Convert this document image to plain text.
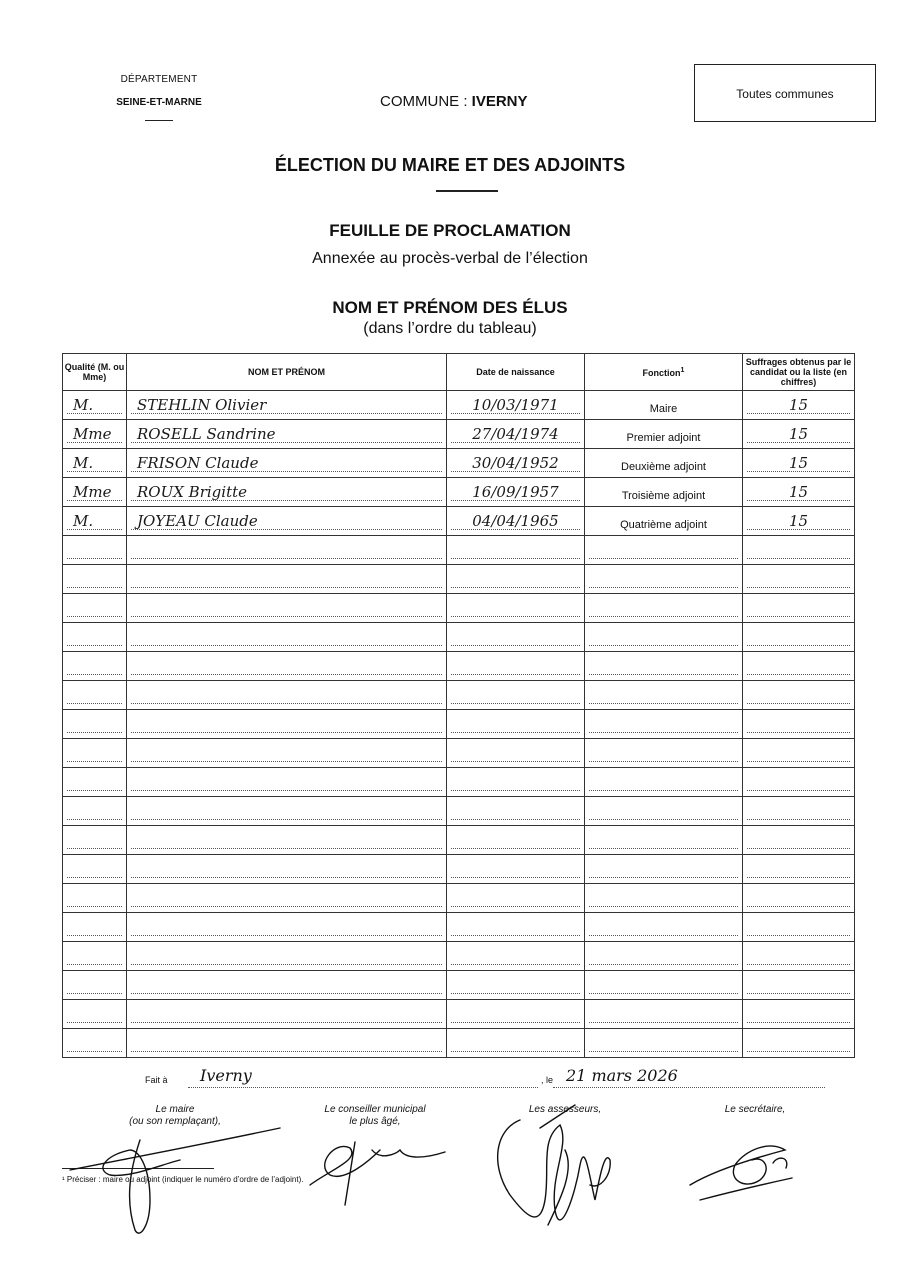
DÉPARTEMENT
SEINE-ET-MARNE	COMMUNE : IVERNY	Toutes communes
ÉLECTION DU MAIRE ET DES ADJOINTS
FEUILLE DE PROCLAMATION
Annexée au procès-verbal de l’élection
NOM ET PRÉNOM DES ÉLUS
(dans l’ordre du tableau)
Qualité (M. ou Mme)	NOM ET PRÉNOM	Date de naissance	Fonction$^1$	Suffrages obtenus par le candidat ou la liste (en chiffres)

M.	STEHLIN Olivier	10/03/1971	Maire	15

Mme	ROSELL Sandrine	27/04/1974	Premier adjoint	15

M.	FRISON Claude	30/04/1952	Deuxième adjoint	15

Mme	ROUX Brigitte	16/09/1957	Troisième adjoint	15

M.	JOYEAU Claude	04/04/1965	Quatrième adjoint	15

Fait à Iverny	, le 21 mars 2026
Le maire
(ou son remplaçant),
Le conseiller municipal
le plus âgé,
Les assesseurs,	Le secrétaire,
¹ Préciser : maire ou adjoint (indiquer le numéro d’ordre de l’adjoint).
